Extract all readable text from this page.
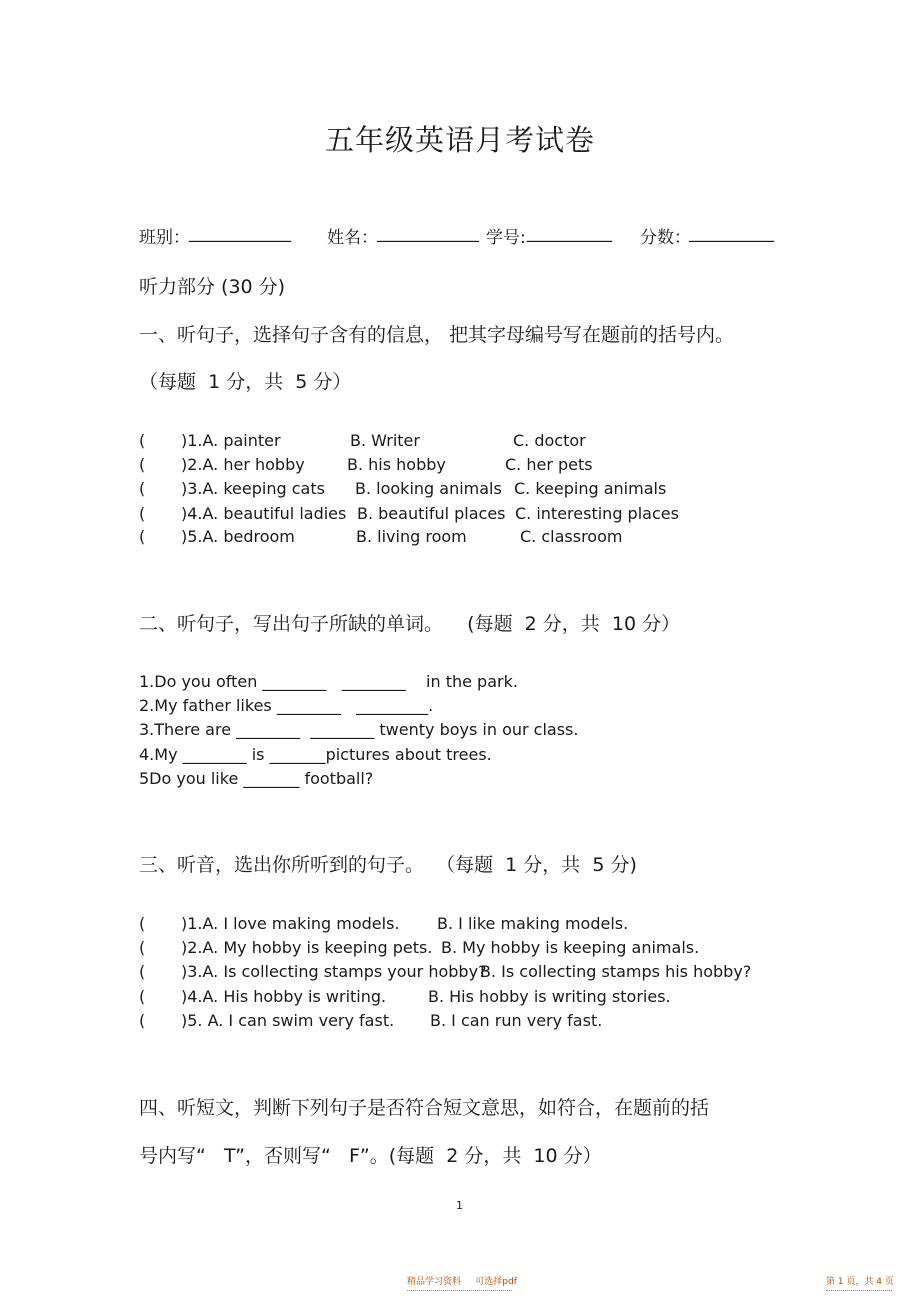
五年级英语月考试卷
班别： ____________ 姓名： ____________ 学号: __________ 分数：
__________
听力部分 (30 分)
一、听句子，选择句子含有的信息， 把其字母编号写在题前的括号内。
（每题  1 分，共  5 分）
( )1.A. painter	B. Writer	C. doctor
( )2.A. her hobby	B. his hobby	C. her pets
( )3.A. keeping cats B. looking animals C. keeping animals
( )4.A. beautiful ladies B. beautiful places C. interesting places
( )5.A. bedroom	B. living room	C. classroom
二、听句子，写出句子所缺的单词。    (每题  2 分，共  10 分）
1.Do you often ________   ________    in the park.
2.My father likes ________   _________.
3.There are ________  ________ twenty boys in our class.
4.My ________ is _______pictures about trees.
5Do you like _______ football?
三、听音，选出你所听到的句子。  （每题  1 分，共  5 分)
( )1.A. I love making models. B. I like making models.
( )2.A. My hobby is keeping pets. B. My hobby is keeping animals.
( )3.A. Is collecting stamps your hobby?
B. Is collecting stamps his hobby?
( )4.A. His hobby is writing.	B. His hobby is writing stories.
( )5. A. I can swim very fast. B. I can run very fast.
四、听短文，判断下列句子是否符合短文意思，如符合，在题前的括
号内写“   T”，否则写“   F”。(每题  2 分，共  10 分）
1
精品学习资料     可选择pdf	第 1 页，共 4 页
